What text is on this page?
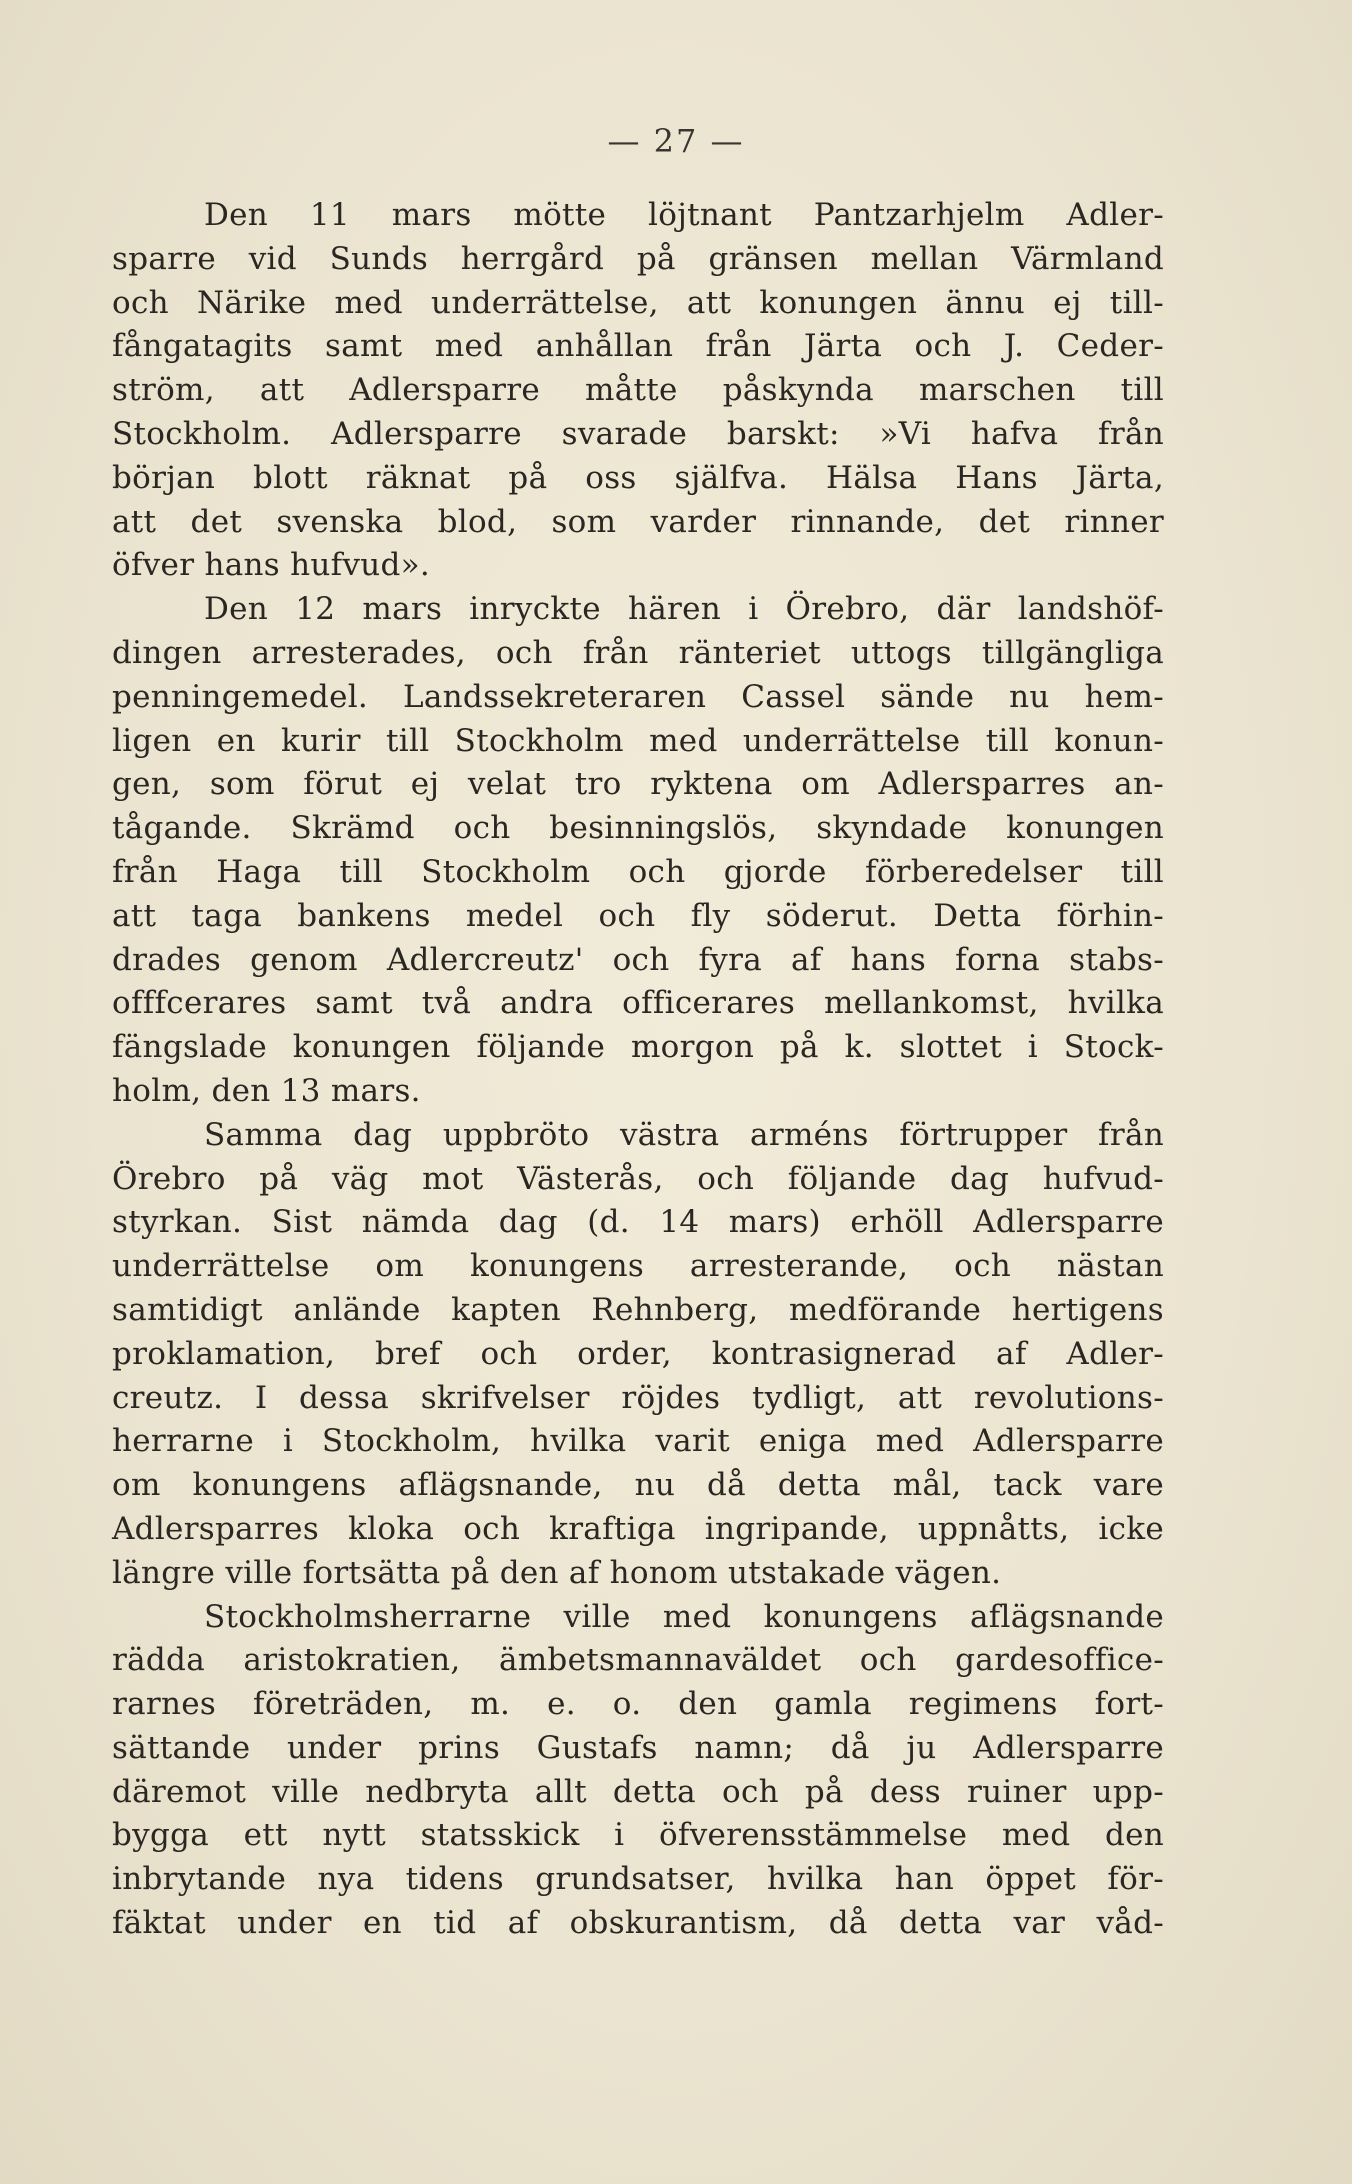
— 27 —
Den 11 mars mötte löjtnant Pantzarhjelm Adler-
sparre vid Sunds herrgård på gränsen mellan Värmland
och Närike med underrättelse, att konungen ännu ej till-
fångatagits samt med anhållan från Järta och J. Ceder-
ström, att Adlersparre måtte påskynda marschen till
Stockholm. Adlersparre svarade barskt: »Vi hafva från
början blott räknat på oss själfva. Hälsa Hans Järta,
att det svenska blod, som varder rinnande, det rinner
öfver hans hufvud».
Den 12 mars inryckte hären i Örebro, där landshöf-
dingen arresterades, och från ränteriet uttogs tillgängliga
penningemedel. Landssekreteraren Cassel sände nu hem-
ligen en kurir till Stockholm med underrättelse till konun-
gen, som förut ej velat tro ryktena om Adlersparres an-
tågande. Skrämd och besinningslös, skyndade konungen
från Haga till Stockholm och gjorde förberedelser till
att taga bankens medel och fly söderut. Detta förhin-
drades genom Adlercreutz' och fyra af hans forna stabs-
offfcerares samt två andra officerares mellankomst, hvilka
fängslade konungen följande morgon på k. slottet i Stock-
holm, den 13 mars.
Samma dag uppbröto västra arméns förtrupper från
Örebro på väg mot Västerås, och följande dag hufvud-
styrkan. Sist nämda dag (d. 14 mars) erhöll Adlersparre
underrättelse om konungens arresterande, och nästan
samtidigt anlände kapten Rehnberg, medförande hertigens
proklamation, bref och order, kontrasignerad af Adler-
creutz. I dessa skrifvelser röjdes tydligt, att revolutions-
herrarne i Stockholm, hvilka varit eniga med Adlersparre
om konungens aflägsnande, nu då detta mål, tack vare
Adlersparres kloka och kraftiga ingripande, uppnåtts, icke
längre ville fortsätta på den af honom utstakade vägen.
Stockholmsherrarne ville med konungens aflägsnande
rädda aristokratien, ämbetsmannaväldet och gardesoffice-
rarnes företräden, m. e. o. den gamla regimens fort-
sättande under prins Gustafs namn; då ju Adlersparre
däremot ville nedbryta allt detta och på dess ruiner upp-
bygga ett nytt statsskick i öfverensstämmelse med den
inbrytande nya tidens grundsatser, hvilka han öppet för-
fäktat under en tid af obskurantism, då detta var våd-
